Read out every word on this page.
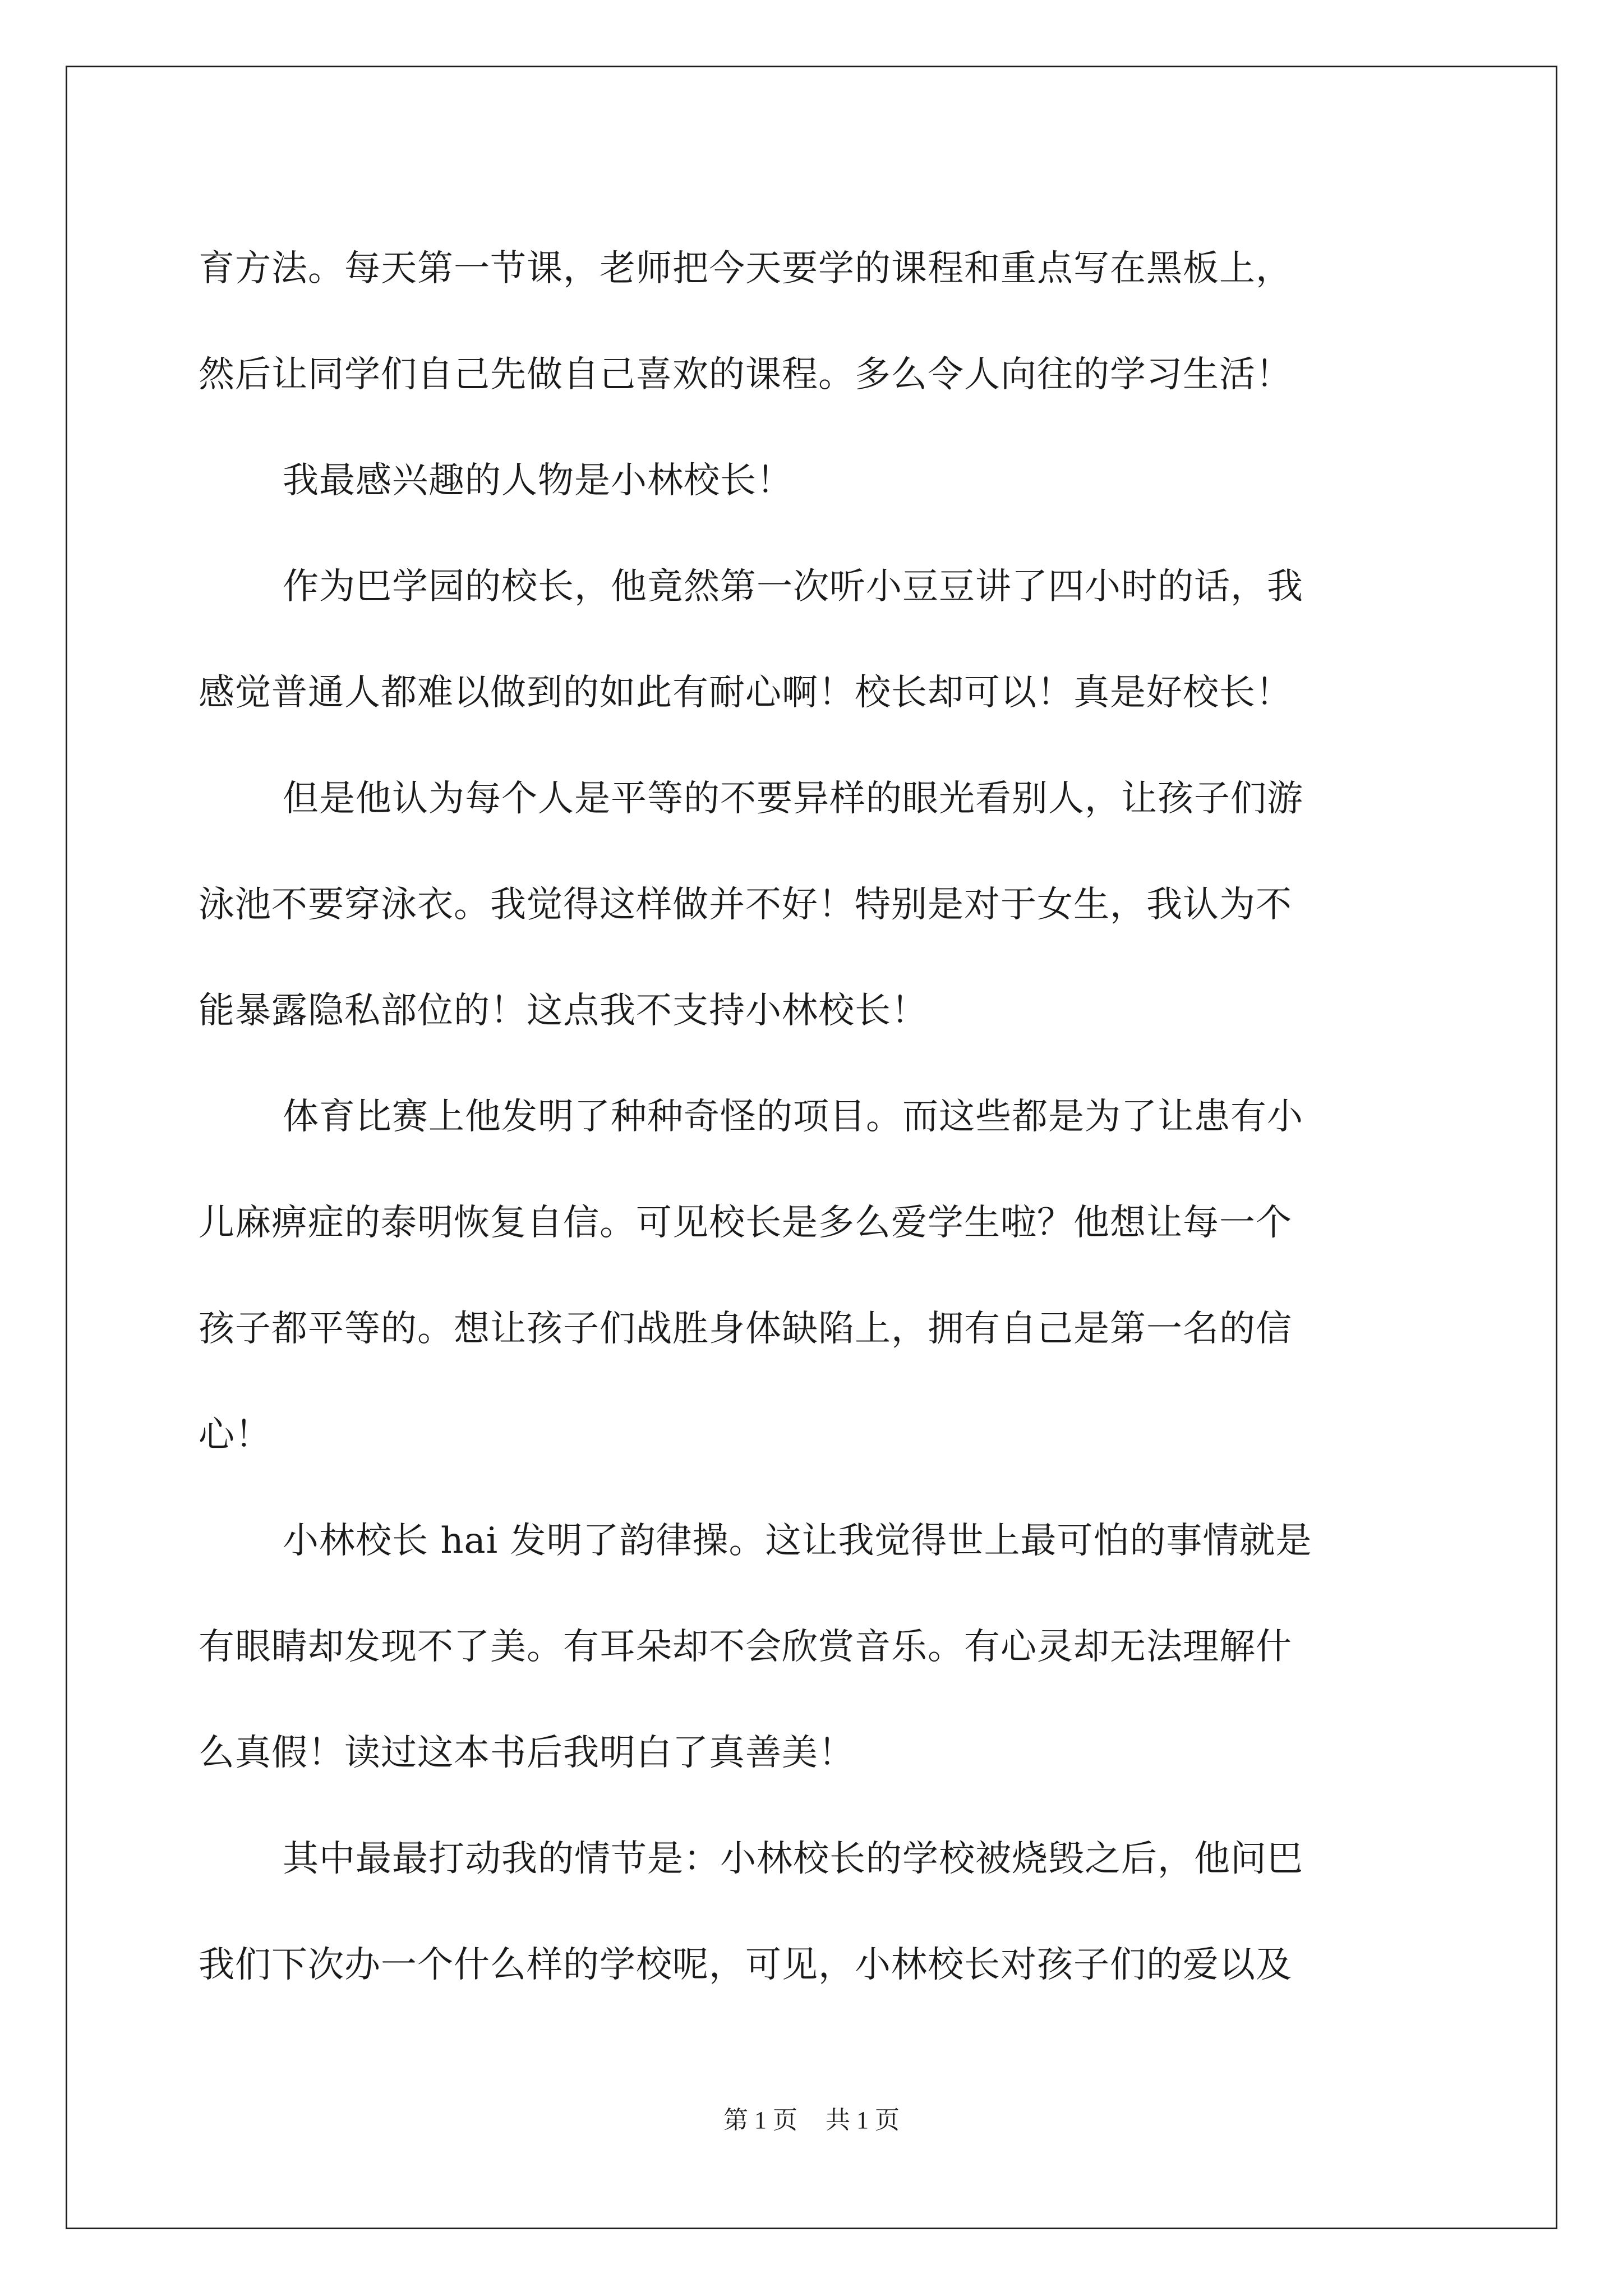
育方法。每天第一节课，老师把今天要学的课程和重点写在黑板上，
然后让同学们自己先做自己喜欢的课程。多么令人向往的学习生活！
我最感兴趣的人物是小林校长！
作为巴学园的校长，他竟然第一次听小豆豆讲了四小时的话，我
感觉普通人都难以做到的如此有耐心啊！校长却可以！真是好校长！
但是他认为每个人是平等的不要异样的眼光看别人，让孩子们游
泳池不要穿泳衣。我觉得这样做并不好！特别是对于女生，我认为不
能暴露隐私部位的！这点我不支持小林校长！
体育比赛上他发明了种种奇怪的项目。而这些都是为了让患有小
儿麻痹症的泰明恢复自信。可见校长是多么爱学生啦？他想让每一个
孩子都平等的。想让孩子们战胜身体缺陷上，拥有自己是第一名的信
心！
小林校长 hai 发明了韵律操。这让我觉得世上最可怕的事情就是
有眼睛却发现不了美。有耳朵却不会欣赏音乐。有心灵却无法理解什
么真假！读过这本书后我明白了真善美！
其中最最打动我的情节是：小林校长的学校被烧毁之后，他问巴
我们下次办一个什么样的学校呢，可见，小林校长对孩子们的爱以及
第 1 页 共 1 页
